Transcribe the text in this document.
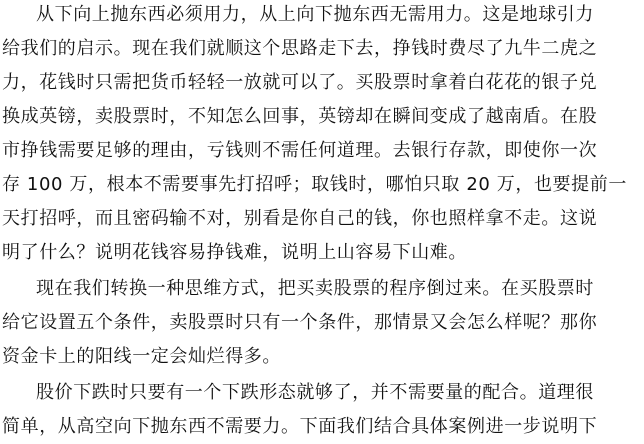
从下向上抛东西必须用力，从上向下抛东西无需用力。这是地球引力
给我们的启示。现在我们就顺这个思路走下去，挣钱时费尽了九牛二虎之
力，花钱时只需把货币轻轻一放就可以了。买股票时拿着白花花的银子兑
换成英镑，卖股票时，不知怎么回事，英镑却在瞬间变成了越南盾。在股
市挣钱需要足够的理由，亏钱则不需任何道理。去银行存款，即使你一次
存 100 万，根本不需要事先打招呼；取钱时，哪怕只取 20 万，也要提前一
天打招呼，而且密码输不对，别看是你自己的钱，你也照样拿不走。这说
明了什么？说明花钱容易挣钱难，说明上山容易下山难。
现在我们转换一种思维方式，把买卖股票的程序倒过来。在买股票时
给它设置五个条件，卖股票时只有一个条件，那情景又会怎么样呢？那你
资金卡上的阳线一定会灿烂得多。
股价下跌时只要有一个下跌形态就够了，并不需要量的配合。道理很
简单，从高空向下抛东西不需要力。下面我们结合具体案例进一步说明下
